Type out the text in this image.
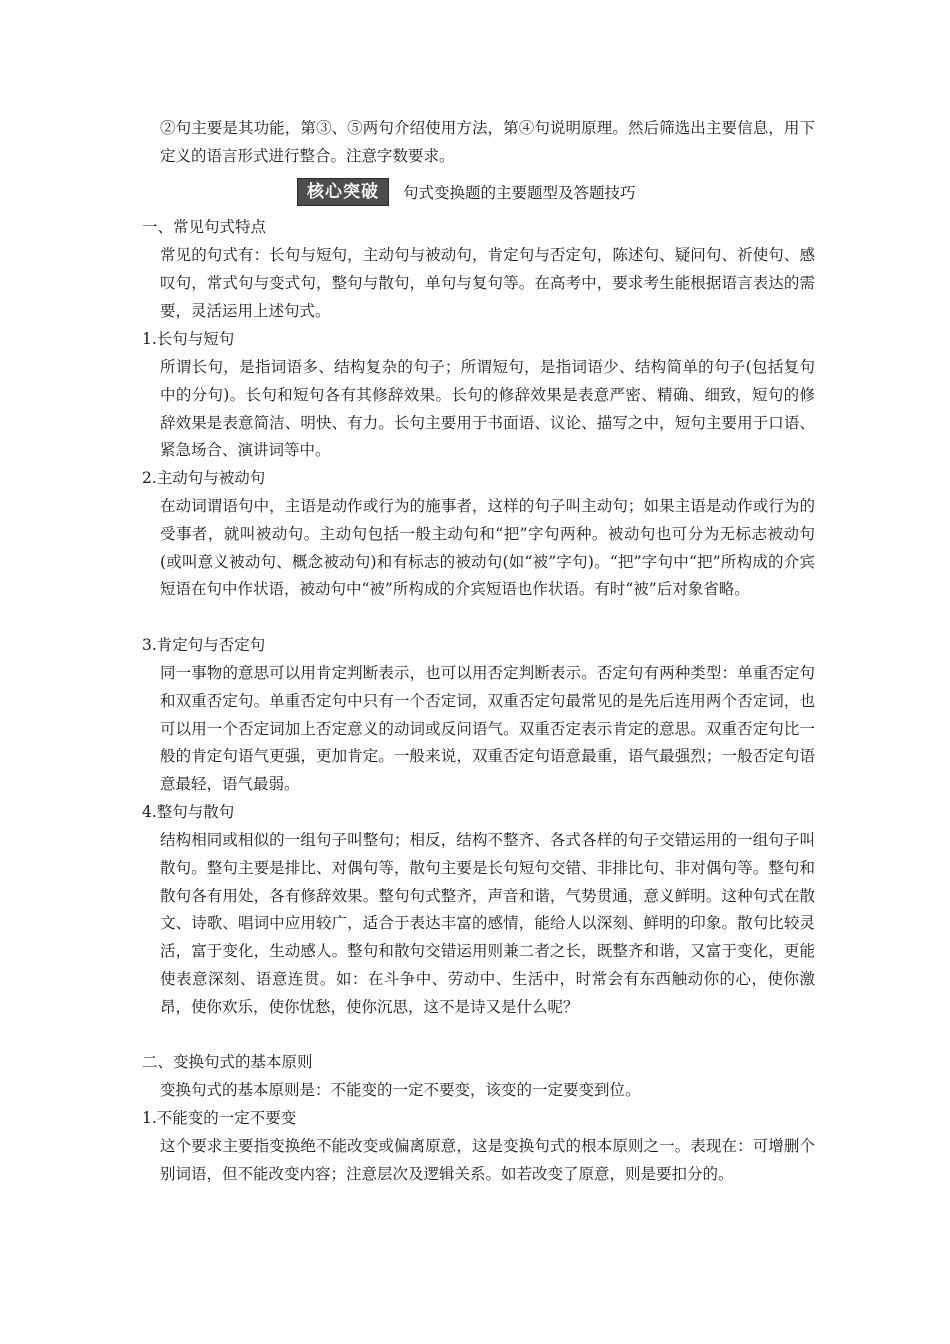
②句主要是其功能，第③、⑤两句介绍使用方法，第④句说明原理。然后筛选出主要信息，用下定义的语言形式进行整合。注意字数要求。

核心突破	句式变换题的主要题型及答题技巧

一、常见句式特点

常见的句式有：长句与短句，主动句与被动句，肯定句与否定句，陈述句、疑问句、祈使句、感叹句，常式句与变式句，整句与散句，单句与复句等。在高考中，要求考生能根据语言表达的需要，灵活运用上述句式。

1.长句与短句

所谓长句，是指词语多、结构复杂的句子；所谓短句，是指词语少、结构简单的句子(包括复句中的分句)。长句和短句各有其修辞效果。长句的修辞效果是表意严密、精确、细致，短句的修辞效果是表意简洁、明快、有力。长句主要用于书面语、议论、描写之中，短句主要用于口语、紧急场合、演讲词等中。

2.主动句与被动句

在动词谓语句中，主语是动作或行为的施事者，这样的句子叫主动句；如果主语是动作或行为的受事者，就叫被动句。主动句包括一般主动句和“把”字句两种。被动句也可分为无标志被动句(或叫意义被动句、概念被动句)和有标志的被动句(如“被”字句)。“把”字句中“把”所构成的介宾短语在句中作状语，被动句中“被”所构成的介宾短语也作状语。有时“被”后对象省略。

3.肯定句与否定句

同一事物的意思可以用肯定判断表示，也可以用否定判断表示。否定句有两种类型：单重否定句和双重否定句。单重否定句中只有一个否定词，双重否定句最常见的是先后连用两个否定词，也可以用一个否定词加上否定意义的动词或反问语气。双重否定表示肯定的意思。双重否定句比一般的肯定句语气更强，更加肯定。一般来说，双重否定句语意最重，语气最强烈；一般否定句语意最轻，语气最弱。

4.整句与散句

结构相同或相似的一组句子叫整句；相反，结构不整齐、各式各样的句子交错运用的一组句子叫散句。整句主要是排比、对偶句等，散句主要是长句短句交错、非排比句、非对偶句等。整句和散句各有用处，各有修辞效果。整句句式整齐，声音和谐，气势贯通，意义鲜明。这种句式在散文、诗歌、唱词中应用较广，适合于表达丰富的感情，能给人以深刻、鲜明的印象。散句比较灵活，富于变化，生动感人。整句和散句交错运用则兼二者之长，既整齐和谐，又富于变化，更能使表意深刻、语意连贯。如：在斗争中、劳动中、生活中，时常会有东西触动你的心，使你激昂，使你欢乐，使你忧愁，使你沉思，这不是诗又是什么呢？

二、变换句式的基本原则

变换句式的基本原则是：不能变的一定不要变，该变的一定要变到位。

1.不能变的一定不要变

这个要求主要指变换绝不能改变或偏离原意，这是变换句式的根本原则之一。表现在：可增删个别词语，但不能改变内容；注意层次及逻辑关系。如若改变了原意，则是要扣分的。
